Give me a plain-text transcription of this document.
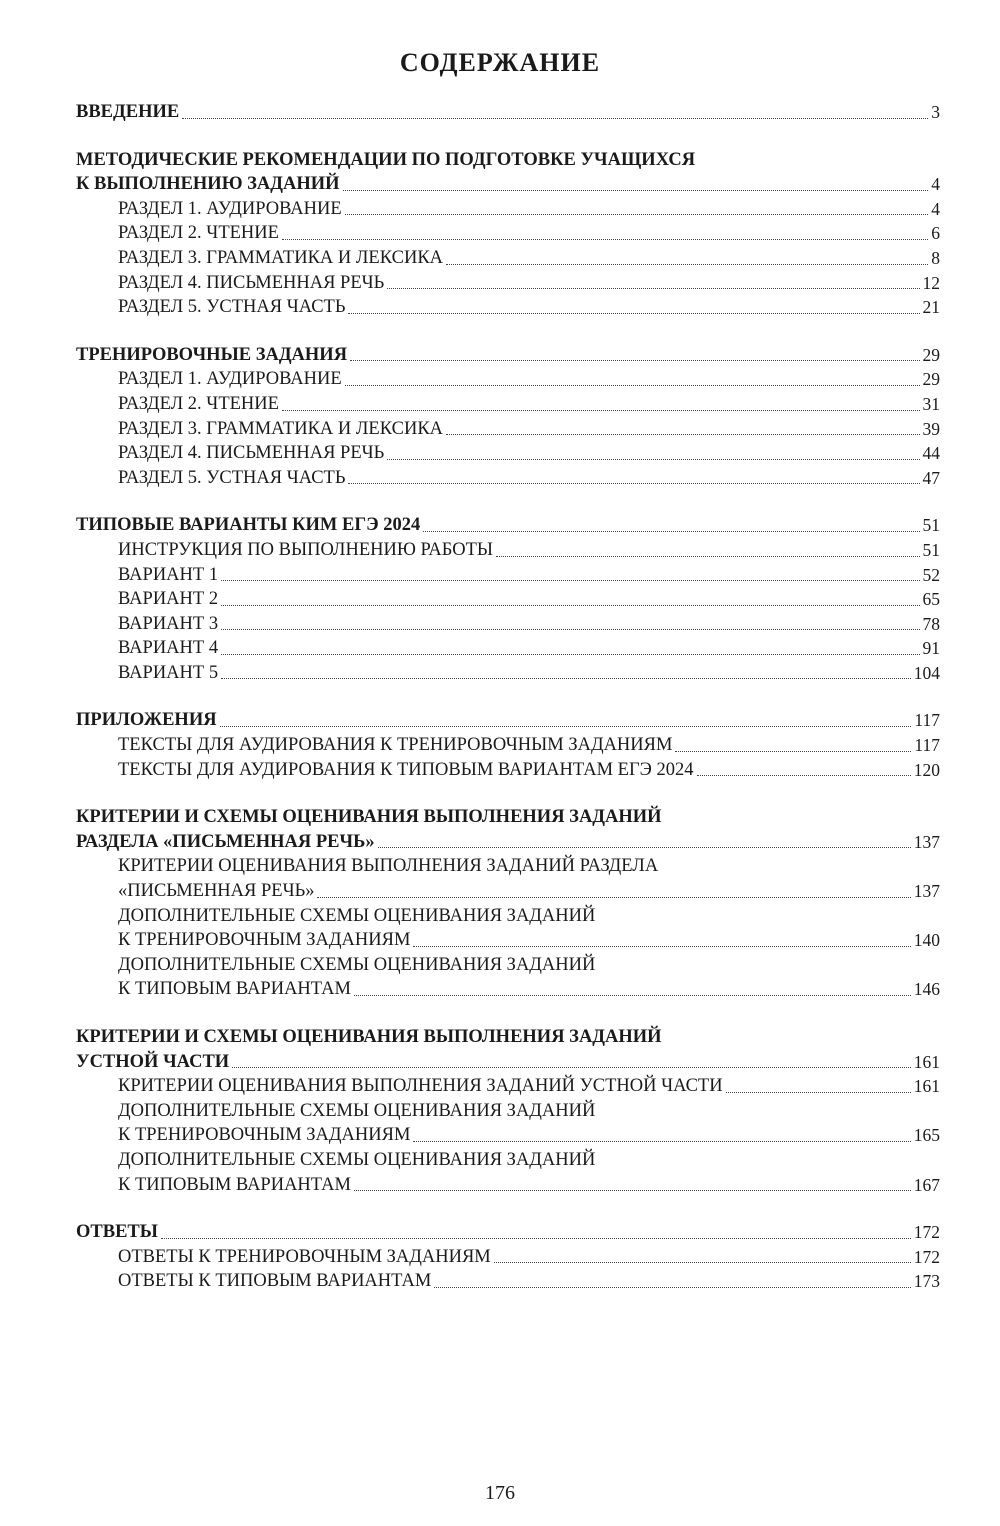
СОДЕРЖАНИЕ
ВВЕДЕНИЕ	3
МЕТОДИЧЕСКИЕ РЕКОМЕНДАЦИИ ПО ПОДГОТОВКЕ УЧАЩИХСЯ
К ВЫПОЛНЕНИЮ ЗАДАНИЙ	4
РАЗДЕЛ 1. АУДИРОВАНИЕ	4
РАЗДЕЛ 2. ЧТЕНИЕ	6
РАЗДЕЛ 3. ГРАММАТИКА И ЛЕКСИКА	8
РАЗДЕЛ 4. ПИСЬМЕННАЯ РЕЧЬ	12
РАЗДЕЛ 5. УСТНАЯ ЧАСТЬ	21
ТРЕНИРОВОЧНЫЕ ЗАДАНИЯ	29
РАЗДЕЛ 1. АУДИРОВАНИЕ	29
РАЗДЕЛ 2. ЧТЕНИЕ	31
РАЗДЕЛ 3. ГРАММАТИКА И ЛЕКСИКА	39
РАЗДЕЛ 4. ПИСЬМЕННАЯ РЕЧЬ	44
РАЗДЕЛ 5. УСТНАЯ ЧАСТЬ	47
ТИПОВЫЕ ВАРИАНТЫ КИМ ЕГЭ 2024	51
ИНСТРУКЦИЯ ПО ВЫПОЛНЕНИЮ РАБОТЫ	51
ВАРИАНТ 1	52
ВАРИАНТ 2	65
ВАРИАНТ 3	78
ВАРИАНТ 4	91
ВАРИАНТ 5	104
ПРИЛОЖЕНИЯ	117
ТЕКСТЫ ДЛЯ АУДИРОВАНИЯ К ТРЕНИРОВОЧНЫМ ЗАДАНИЯМ	117
ТЕКСТЫ ДЛЯ АУДИРОВАНИЯ К ТИПОВЫМ ВАРИАНТАМ ЕГЭ 2024	120
КРИТЕРИИ И СХЕМЫ ОЦЕНИВАНИЯ ВЫПОЛНЕНИЯ ЗАДАНИЙ
РАЗДЕЛА «ПИСЬМЕННАЯ РЕЧЬ»	137
КРИТЕРИИ ОЦЕНИВАНИЯ ВЫПОЛНЕНИЯ ЗАДАНИЙ РАЗДЕЛА
«ПИСЬМЕННАЯ РЕЧЬ»	137
ДОПОЛНИТЕЛЬНЫЕ СХЕМЫ ОЦЕНИВАНИЯ ЗАДАНИЙ
К ТРЕНИРОВОЧНЫМ ЗАДАНИЯМ	140
ДОПОЛНИТЕЛЬНЫЕ СХЕМЫ ОЦЕНИВАНИЯ ЗАДАНИЙ
К ТИПОВЫМ ВАРИАНТАМ	146
КРИТЕРИИ И СХЕМЫ ОЦЕНИВАНИЯ ВЫПОЛНЕНИЯ ЗАДАНИЙ
УСТНОЙ ЧАСТИ	161
КРИТЕРИИ ОЦЕНИВАНИЯ ВЫПОЛНЕНИЯ ЗАДАНИЙ УСТНОЙ ЧАСТИ	161
ДОПОЛНИТЕЛЬНЫЕ СХЕМЫ ОЦЕНИВАНИЯ ЗАДАНИЙ
К ТРЕНИРОВОЧНЫМ ЗАДАНИЯМ	165
ДОПОЛНИТЕЛЬНЫЕ СХЕМЫ ОЦЕНИВАНИЯ ЗАДАНИЙ
К ТИПОВЫМ ВАРИАНТАМ	167
ОТВЕТЫ	172
ОТВЕТЫ К ТРЕНИРОВОЧНЫМ ЗАДАНИЯМ	172
ОТВЕТЫ К ТИПОВЫМ ВАРИАНТАМ	173
176
